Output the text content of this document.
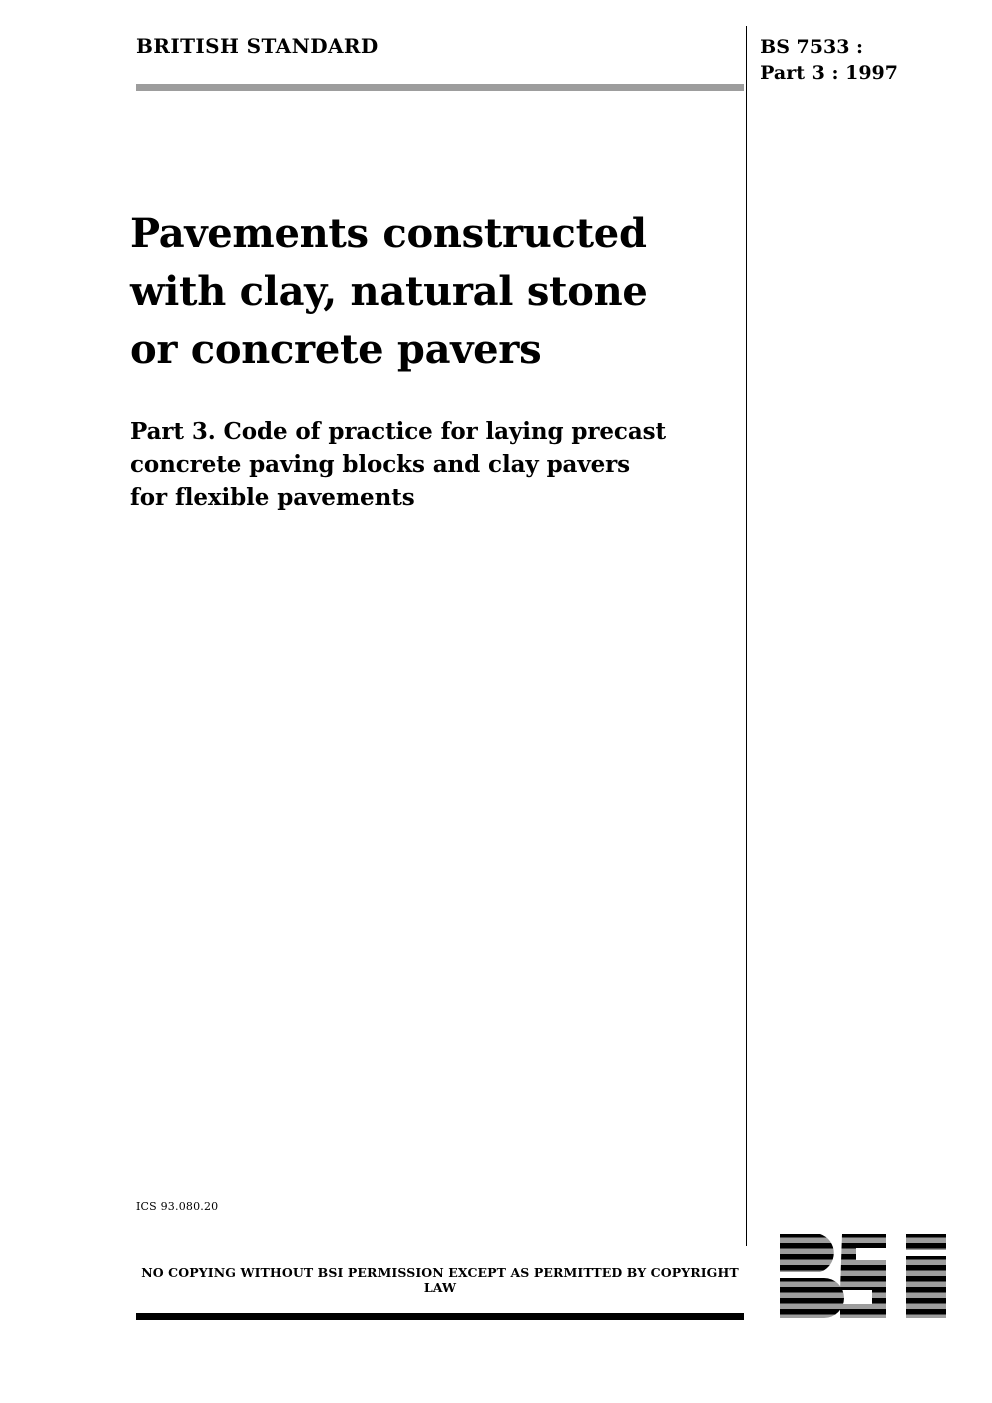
BRITISH STANDARD	BS 7533 :
Part 3 : 1997
Pavements constructed
with clay, natural stone
or concrete pavers
Part 3. Code of practice for laying precast
concrete paving blocks and clay pavers
for flexible pavements
ICS 93.080.20
NO COPYING WITHOUT BSI PERMISSION EXCEPT AS PERMITTED BY COPYRIGHT LAW
